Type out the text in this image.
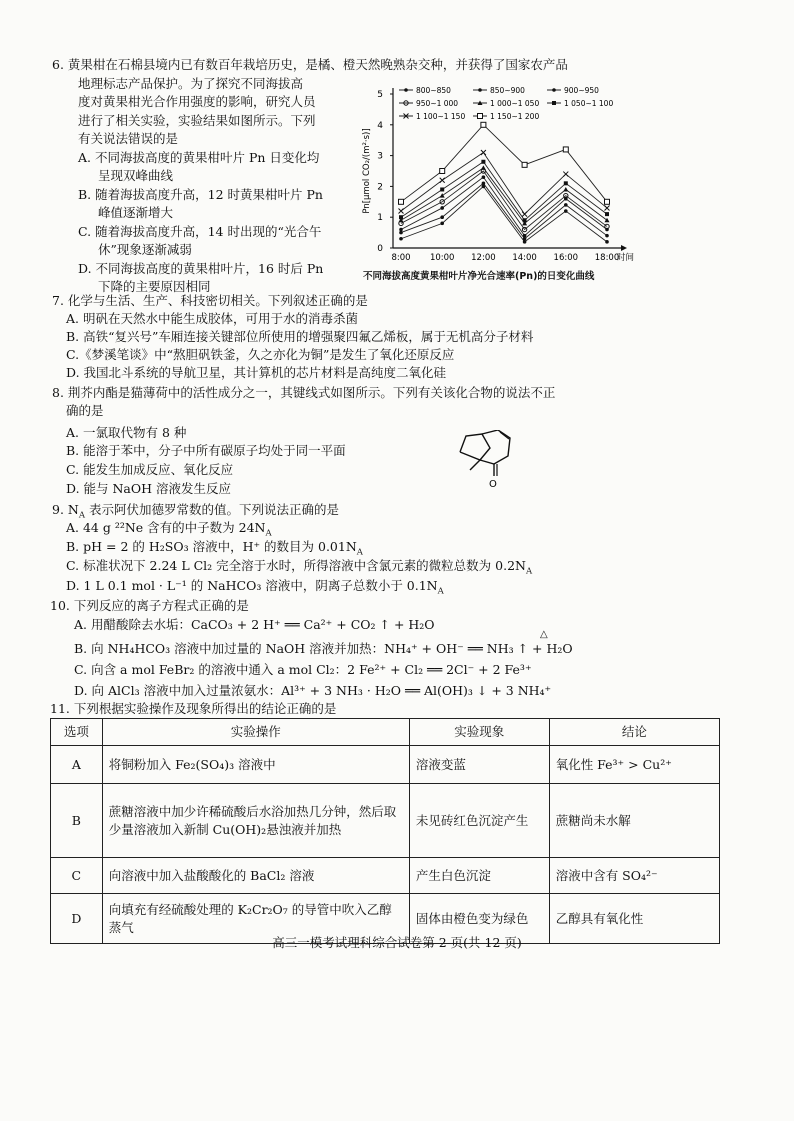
6. 黄果柑在石棉县境内已有数百年栽培历史，是橘、橙天然晚熟杂交种，并获得了国家农产品
地理标志产品保护。为了探究不同海拔高
度对黄果柑光合作用强度的影响，研究人员
进行了相关实验，实验结果如图所示。下列
有关说法错误的是
A. 不同海拔高度的黄果柑叶片 Pn 日变化均
呈现双峰曲线
B. 随着海拔高度升高，12 时黄果柑叶片 Pn
峰值逐渐增大
C. 随着海拔高度升高，14 时出现的“光合午
休”现象逐渐减弱
D. 不同海拔高度的黄果柑叶片，16 时后 Pn
下降的主要原因相同
0
1
2
3
4
5
8:00 10:00 12:00 14:00 16:00 18:00
时间
Pn[μmol CO₂/(m²·s)]
800~850	850~900	900~950
950~1 000	1 000~1 050	1 050~1 100
1 100~1 150	1 150~1 200
不同海拔高度黄果柑叶片净光合速率(Pn)的日变化曲线
7. 化学与生活、生产、科技密切相关。下列叙述正确的是
A. 明矾在天然水中能生成胶体，可用于水的消毒杀菌
B. 高铁“复兴号”车厢连接关键部位所使用的增强聚四氟乙烯板，属于无机高分子材料
C.《梦溪笔谈》中“熬胆矾铁釜，久之亦化为铜”是发生了氧化还原反应
D. 我国北斗系统的导航卫星，其计算机的芯片材料是高纯度二氧化硅
8. 荆芥内酯是猫薄荷中的活性成分之一，其键线式如图所示。下列有关该化合物的说法不正
确的是
A. 一氯取代物有 8 种
B. 能溶于苯中，分子中所有碳原子均处于同一平面
C. 能发生加成反应、氧化反应
D. 能与 NaOH 溶液发生反应	O
9. $N_A$ 表示阿伏加德罗常数的值。下列说法正确的是
A. 44 g ²²Ne 含有的中子数为 $24N_A$
B. pH = 2 的 H₂SO₃ 溶液中，H⁺ 的数目为 $0.01N_A$
C. 标准状况下 2.24 L Cl₂ 完全溶于水时，所得溶液中含氯元素的微粒总数为 $0.2N_A$
D. 1 L 0.1 mol · L⁻¹ 的 NaHCO₃ 溶液中，阴离子总数小于 $0.1N_A$
10. 下列反应的离子方程式正确的是
A. 用醋酸除去水垢：CaCO₃ + 2 H⁺ ══ Ca²⁺ + CO₂ ↑ + H₂O
△
B. 向 NH₄HCO₃ 溶液中加过量的 NaOH 溶液并加热：NH₄⁺ + OH⁻ ══ NH₃ ↑ + H₂O
C. 向含 a mol FeBr₂ 的溶液中通入 a mol Cl₂：2 Fe²⁺ + Cl₂ ══ 2Cl⁻ + 2 Fe³⁺
D. 向 AlCl₃ 溶液中加入过量浓氨水：Al³⁺ + 3 NH₃ · H₂O ══ Al(OH)₃ ↓ + 3 NH₄⁺
11. 下列根据实验操作及现象所得出的结论正确的是
选项	实验操作	实验现象	结论
A	将铜粉加入 Fe₂(SO₄)₃ 溶液中	溶液变蓝	氧化性 Fe³⁺ > Cu²⁺
B	蔗糖溶液中加少许稀硫酸后水浴加热几分钟，然后取少量溶液加入新制 Cu(OH)₂悬浊液并加热	未见砖红色沉淀产生	蔗糖尚未水解
C	向溶液中加入盐酸酸化的 BaCl₂ 溶液	产生白色沉淀	溶液中含有 SO₄²⁻
D	向填充有经硫酸处理的 K₂Cr₂O₇ 的导管中吹入乙醇蒸气	固体由橙色变为绿色	乙醇具有氧化性
高三一模考试理科综合试卷第 2 页(共 12 页)
